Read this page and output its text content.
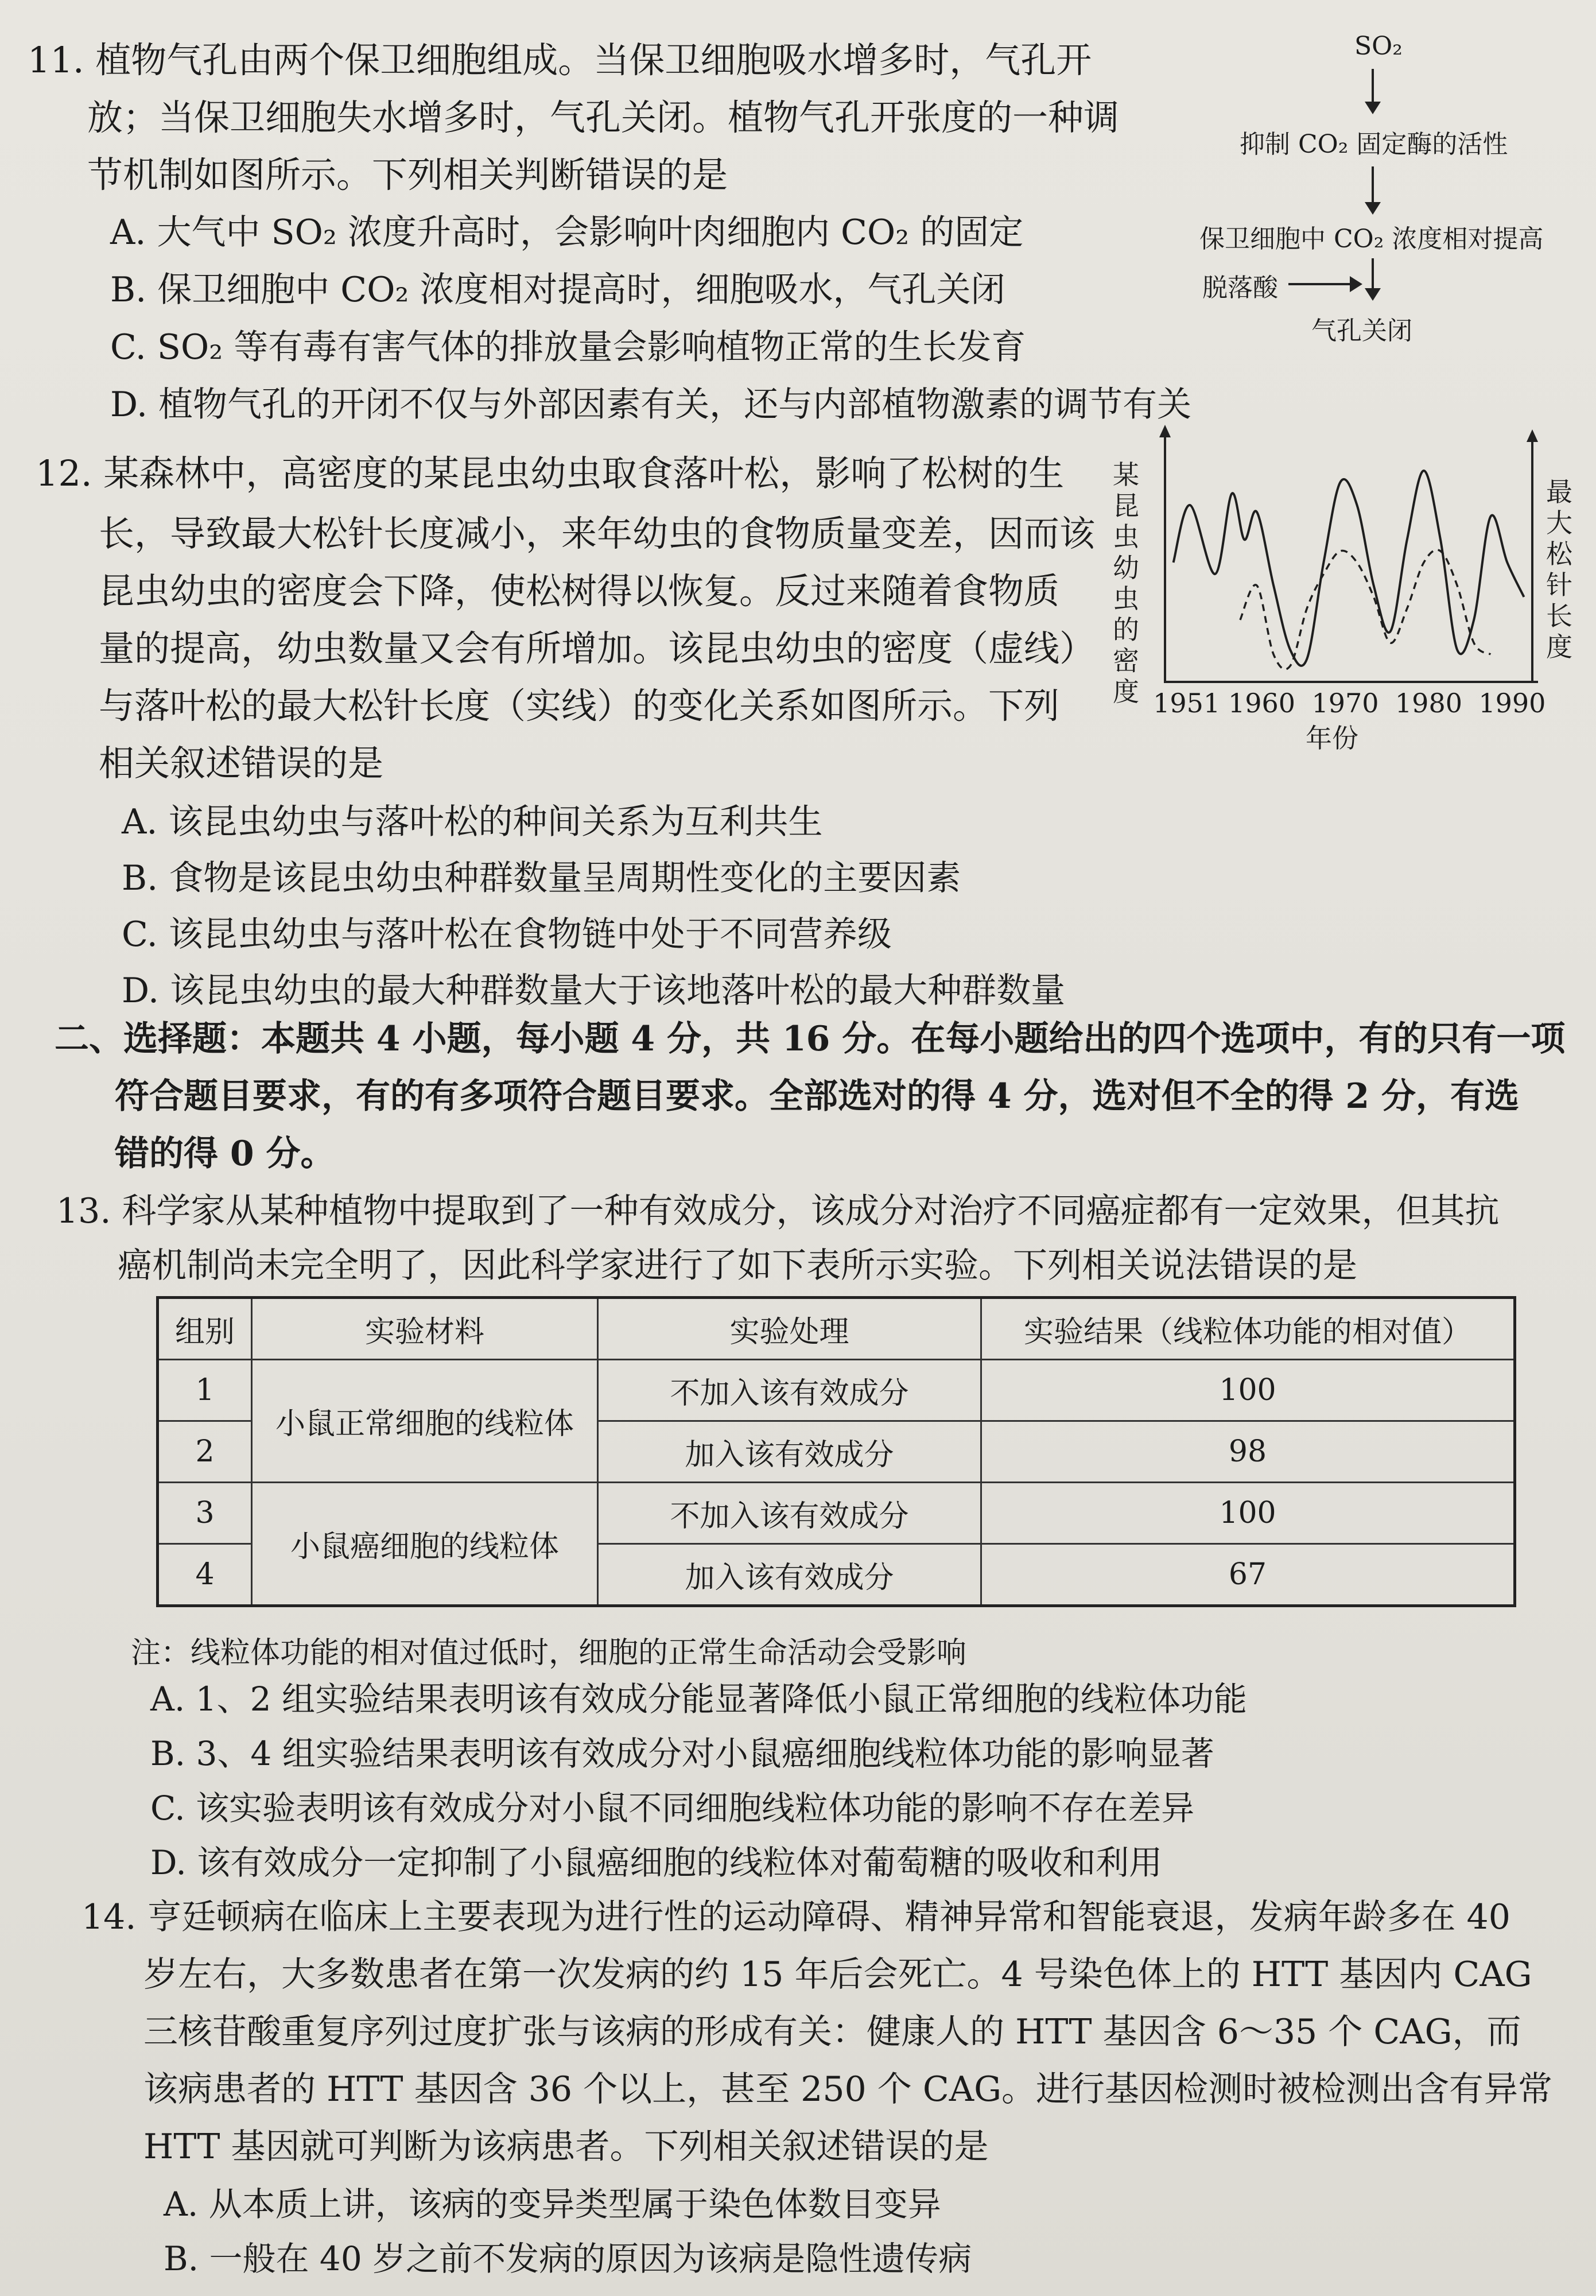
11. 植物气孔由两个保卫细胞组成。当保卫细胞吸水增多时，气孔开
放；当保卫细胞失水增多时，气孔关闭。植物气孔开张度的一种调
节机制如图所示。下列相关判断错误的是
A. 大气中 SO₂ 浓度升高时，会影响叶肉细胞内 CO₂ 的固定
B. 保卫细胞中 CO₂ 浓度相对提高时，细胞吸水，气孔关闭
C. SO₂ 等有毒有害气体的排放量会影响植物正常的生长发育
D. 植物气孔的开闭不仅与外部因素有关，还与内部植物激素的调节有关
SO₂
抑制 CO₂ 固定酶的活性
保卫细胞中 CO₂ 浓度相对提高
脱落酸
气孔关闭
12. 某森林中，高密度的某昆虫幼虫取食落叶松，影响了松树的生
长，导致最大松针长度减小，来年幼虫的食物质量变差，因而该
昆虫幼虫的密度会下降，使松树得以恢复。反过来随着食物质
量的提高，幼虫数量又会有所增加。该昆虫幼虫的密度（虚线）
与落叶松的最大松针长度（实线）的变化关系如图所示。下列
相关叙述错误的是
A. 该昆虫幼虫与落叶松的种间关系为互利共生
B. 食物是该昆虫幼虫种群数量呈周期性变化的主要因素
C. 该昆虫幼虫与落叶松在食物链中处于不同营养级
D. 该昆虫幼虫的最大种群数量大于该地落叶松的最大种群数量
某昆虫幼虫的密度
最大松针长度
1951 1960 1970 1980 1990
年份
二、选择题：本题共 4 小题，每小题 4 分，共 16 分。在每小题给出的四个选项中，有的只有一项
符合题目要求，有的有多项符合题目要求。全部选对的得 4 分，选对但不全的得 2 分，有选
错的得 0 分。
13. 科学家从某种植物中提取到了一种有效成分，该成分对治疗不同癌症都有一定效果，但其抗
癌机制尚未完全明了，因此科学家进行了如下表所示实验。下列相关说法错误的是
组别	实验材料	实验处理	实验结果（线粒体功能的相对值）
1	小鼠正常细胞的线粒体	不加入该有效成分	100
2		加入该有效成分	98
3	小鼠癌细胞的线粒体	不加入该有效成分	100
4		加入该有效成分	67
注：线粒体功能的相对值过低时，细胞的正常生命活动会受影响
A. 1、2 组实验结果表明该有效成分能显著降低小鼠正常细胞的线粒体功能
B. 3、4 组实验结果表明该有效成分对小鼠癌细胞线粒体功能的影响显著
C. 该实验表明该有效成分对小鼠不同细胞线粒体功能的影响不存在差异
D. 该有效成分一定抑制了小鼠癌细胞的线粒体对葡萄糖的吸收和利用
14. 亨廷顿病在临床上主要表现为进行性的运动障碍、精神异常和智能衰退，发病年龄多在 40
岁左右，大多数患者在第一次发病的约 15 年后会死亡。4 号染色体上的 HTT 基因内 CAG
三核苷酸重复序列过度扩张与该病的形成有关：健康人的 HTT 基因含 6～35 个 CAG，而
该病患者的 HTT 基因含 36 个以上，甚至 250 个 CAG。进行基因检测时被检测出含有异常
HTT 基因就可判断为该病患者。下列相关叙述错误的是
A. 从本质上讲，该病的变异类型属于染色体数目变异
B. 一般在 40 岁之前不发病的原因为该病是隐性遗传病
